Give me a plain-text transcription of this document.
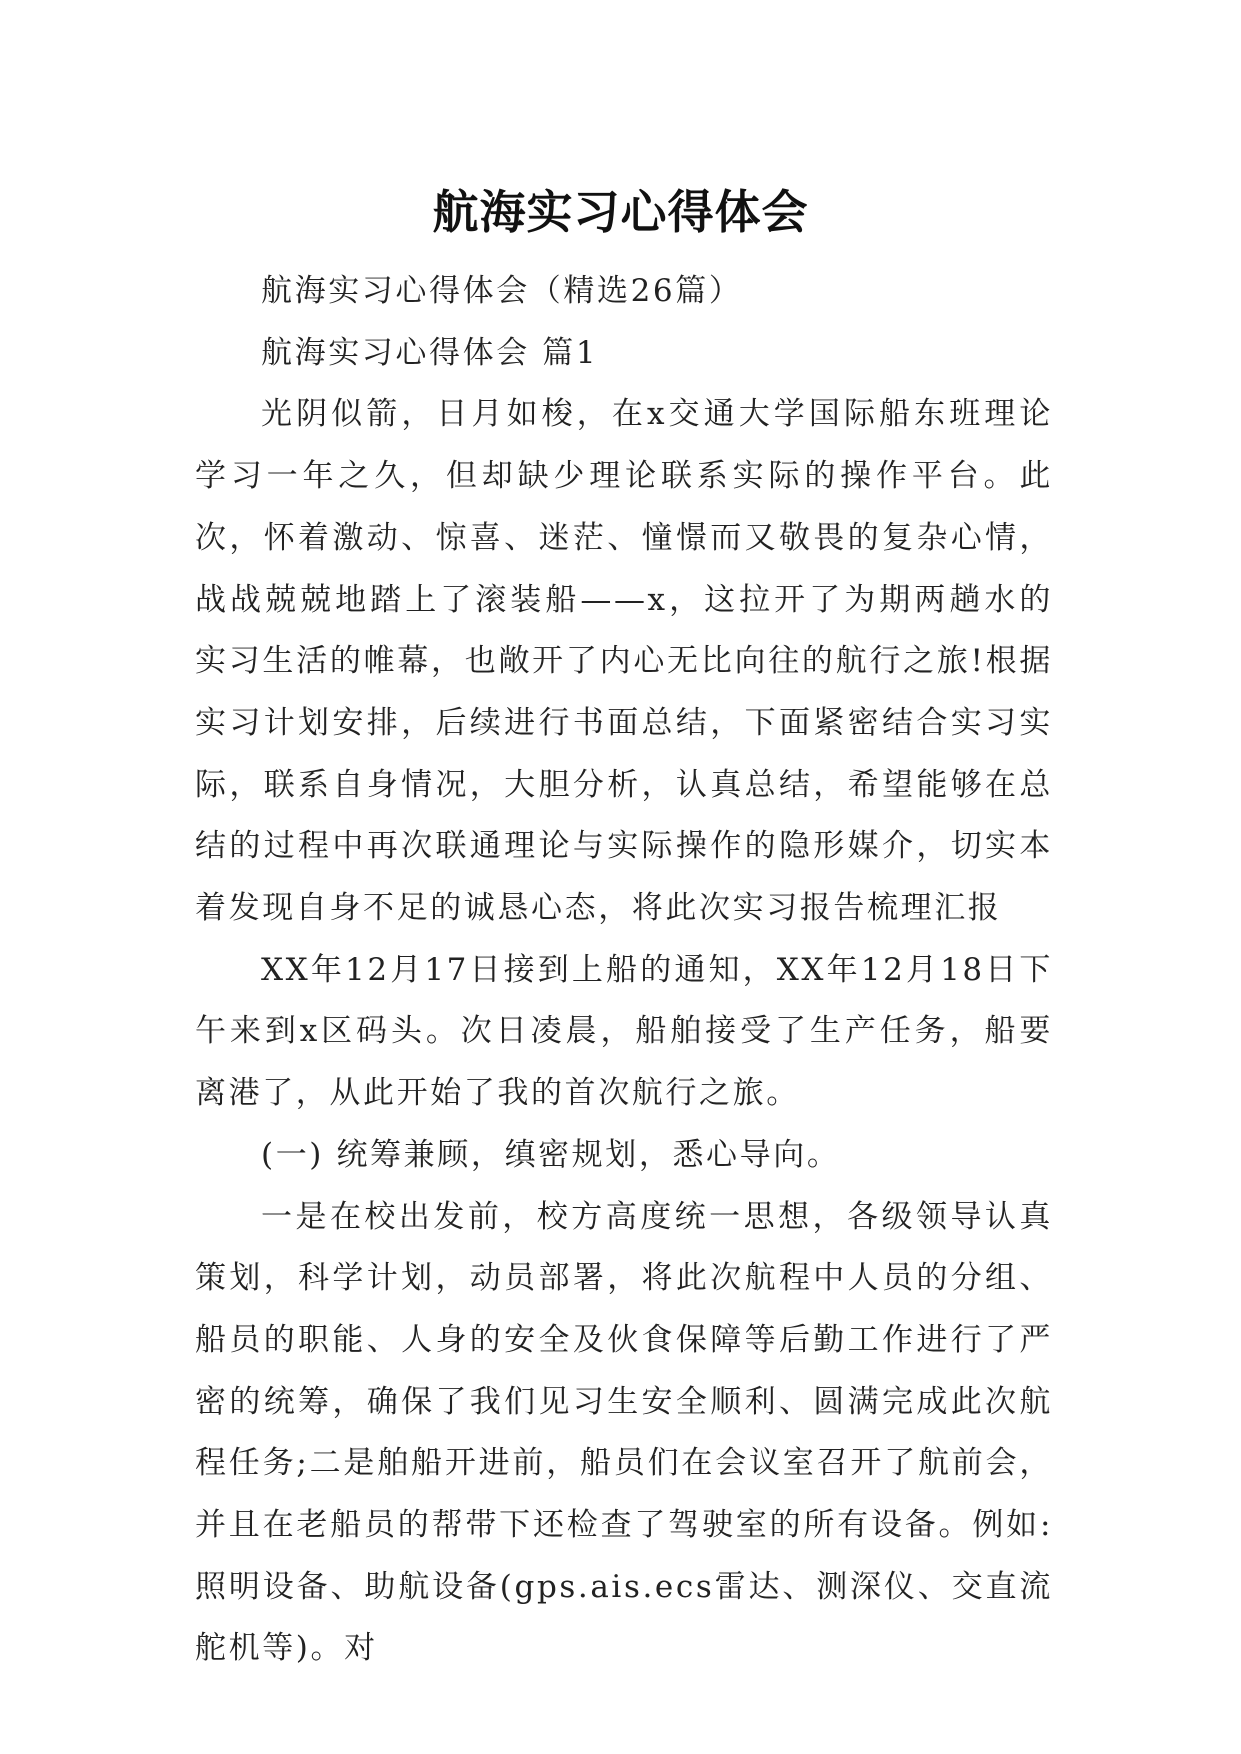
航海实习心得体会

航海实习心得体会（精选26篇）

航海实习心得体会 篇1

光阴似箭，日月如梭，在x交通大学国际船东班理论学习一年之久，但却缺少理论联系实际的操作平台。此次，怀着激动、惊喜、迷茫、憧憬而又敬畏的复杂心情，战战兢兢地踏上了滚装船——x，这拉开了为期两趟水的实习生活的帷幕，也敞开了内心无比向往的航行之旅!根据实习计划安排，后续进行书面总结，下面紧密结合实习实际，联系自身情况，大胆分析，认真总结，希望能够在总结的过程中再次联通理论与实际操作的隐形媒介，切实本着发现自身不足的诚恳心态，将此次实习报告梳理汇报

XX年12月17日接到上船的通知，XX年12月18日下午来到x区码头。次日凌晨，船舶接受了生产任务，船要离港了，从此开始了我的首次航行之旅。

(一) 统筹兼顾，缜密规划，悉心导向。

一是在校出发前，校方高度统一思想，各级领导认真策划，科学计划，动员部署，将此次航程中人员的分组、船员的职能、人身的安全及伙食保障等后勤工作进行了严密的统筹，确保了我们见习生安全顺利、圆满完成此次航程任务;二是舶船开进前，船员们在会议室召开了航前会，并且在老船员的帮带下还检查了驾驶室的所有设备。例如:照明设备、助航设备(gps.ais.ecs雷达、测深仪、交直流舵机等)。对
